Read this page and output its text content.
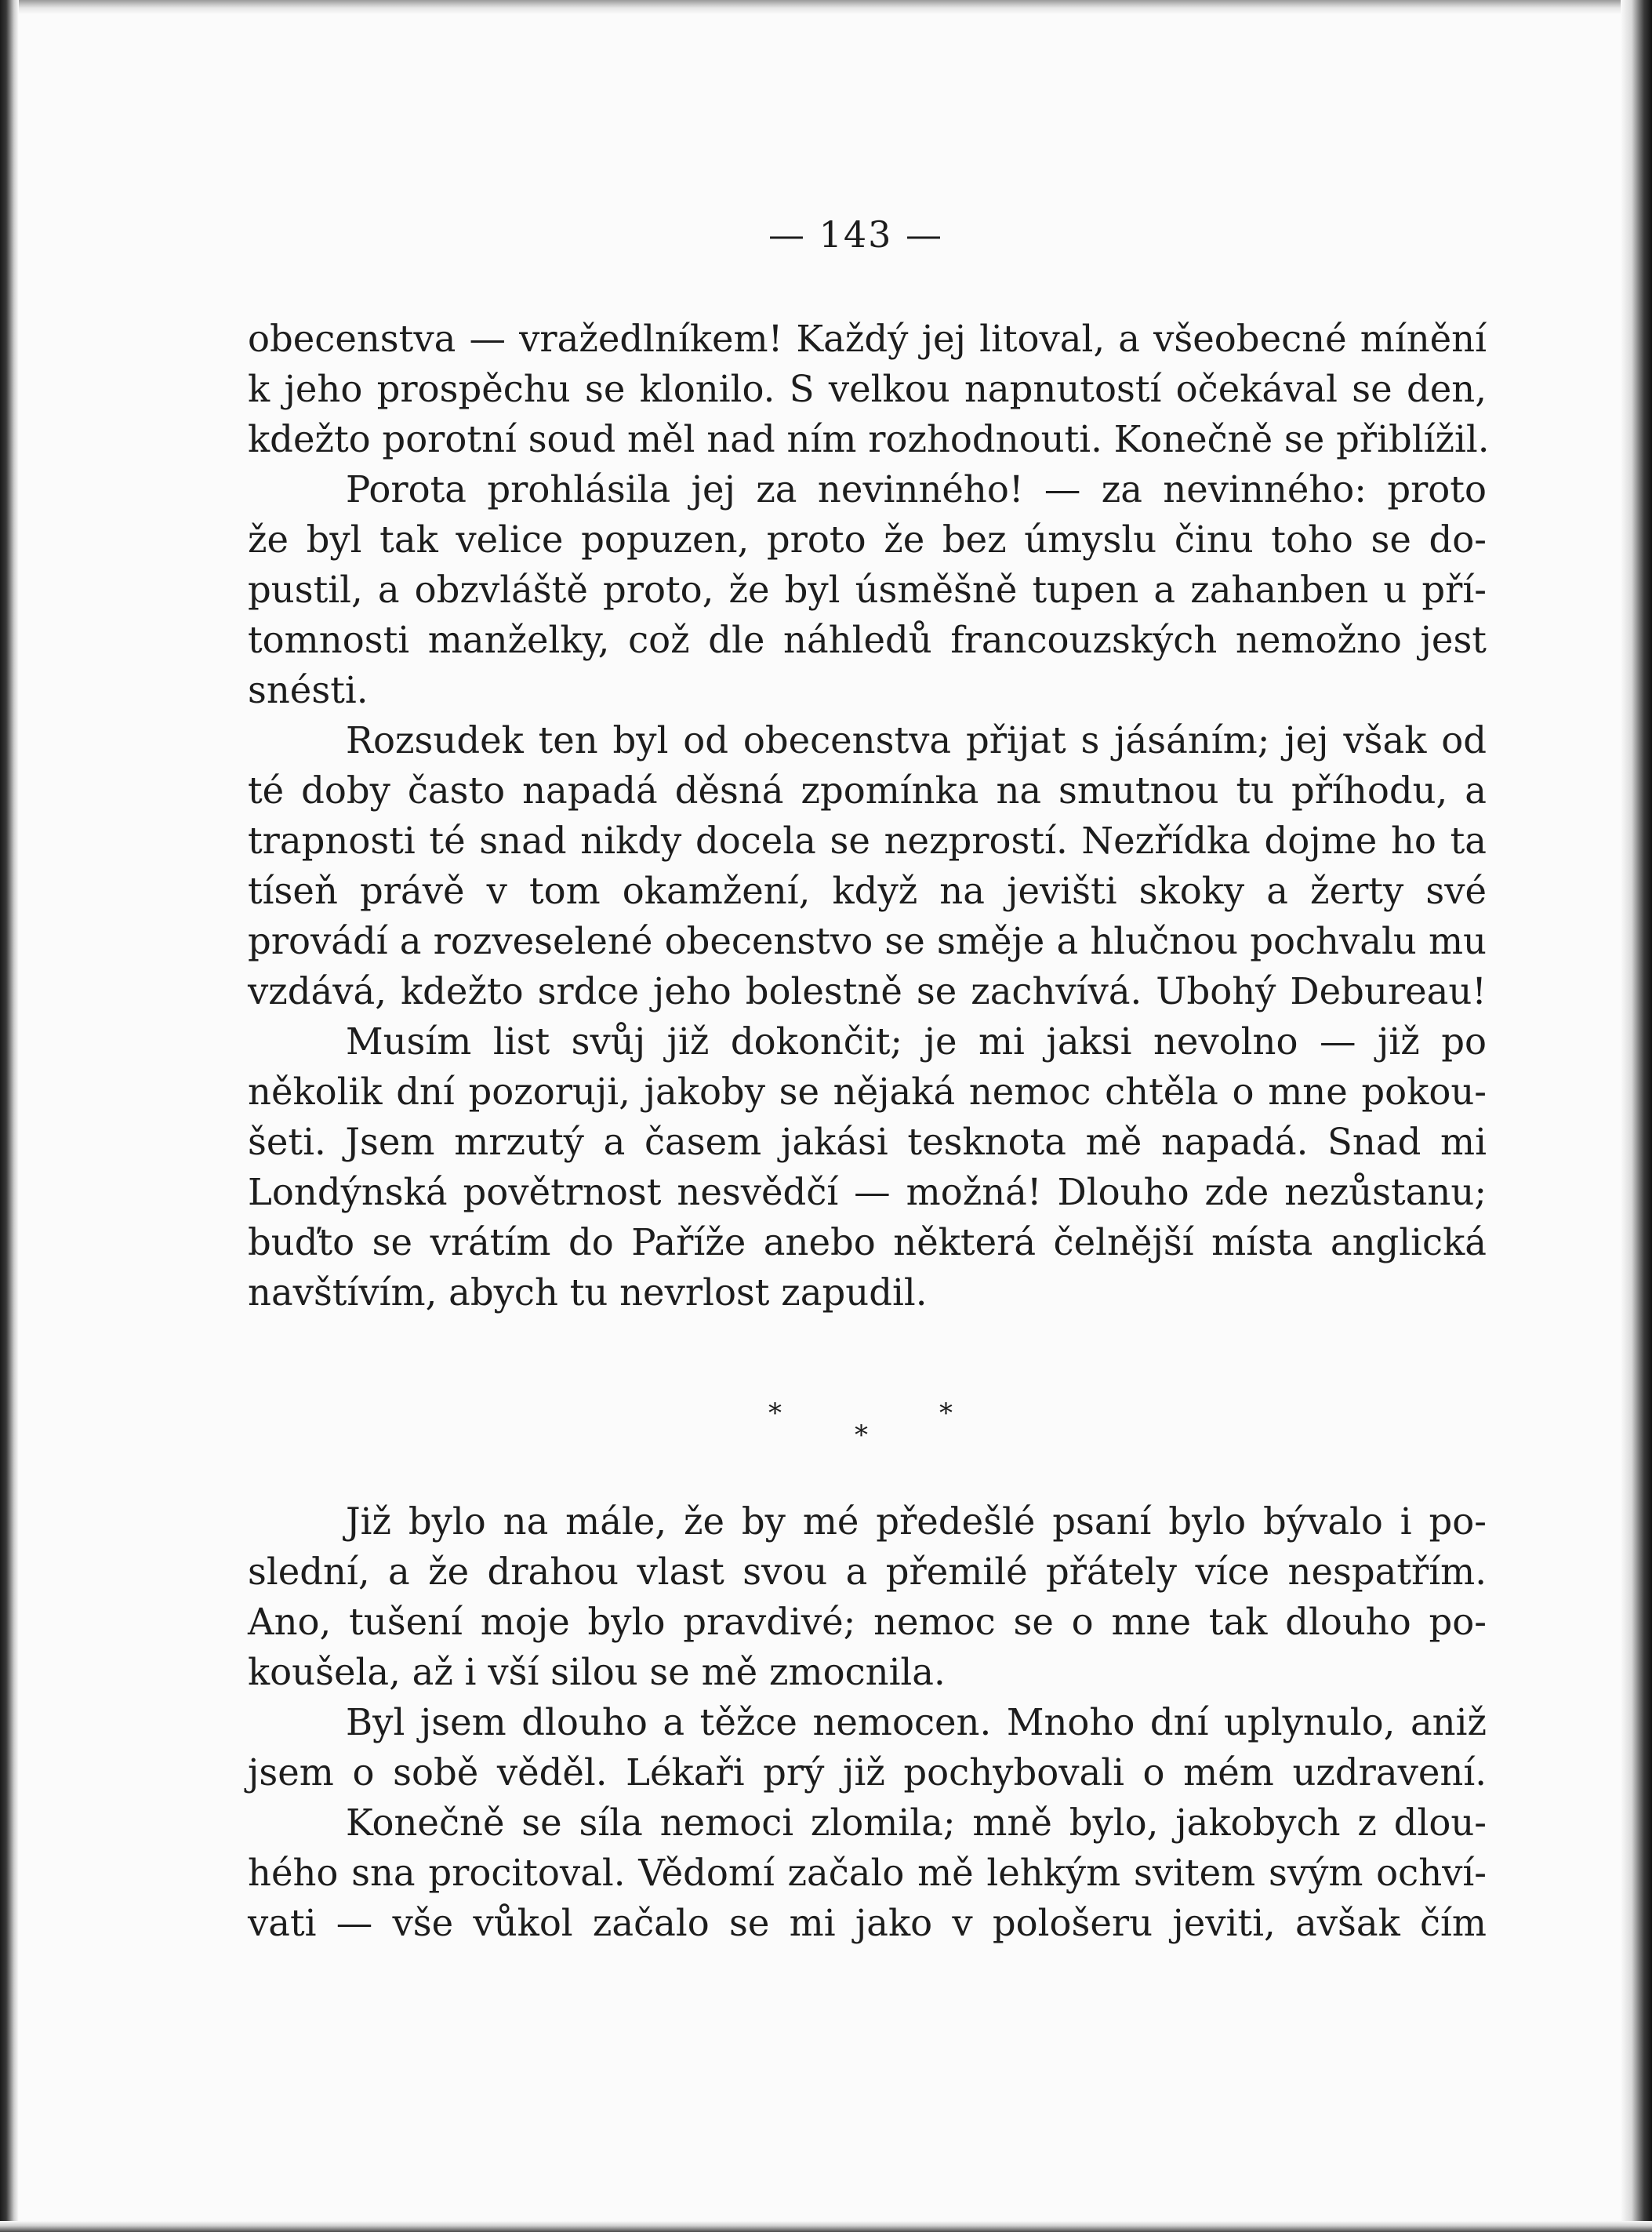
— 143 —
obecenstva — vražedlníkem! Každý jej litoval, a všeobecné mínění
k jeho prospěchu se klonilo. S velkou napnutostí očekával se den,
kdežto porotní soud měl nad ním rozhodnouti. Konečně se přiblížil.
Porota prohlásila jej za nevinného! — za nevinného: proto
že byl tak velice popuzen, proto že bez úmyslu činu toho se do-
pustil, a obzvláště proto, že byl úsměšně tupen a zahanben u pří-
tomnosti manželky, což dle náhledů francouzských nemožno jest
snésti.
Rozsudek ten byl od obecenstva přijat s jásáním; jej však od
té doby často napadá děsná zpomínka na smutnou tu příhodu, a
trapnosti té snad nikdy docela se nezprostí. Nezřídka dojme ho ta
tíseň právě v tom okamžení, když na jevišti skoky a žerty své
provádí a rozveselené obecenstvo se směje a hlučnou pochvalu mu
vzdává, kdežto srdce jeho bolestně se zachvívá. Ubohý Debureau!
Musím list svůj již dokončit; je mi jaksi nevolno — již po
několik dní pozoruji, jakoby se nějaká nemoc chtěla o mne pokou-
šeti. Jsem mrzutý a časem jakási tesknota mě napadá. Snad mi
Londýnská povětrnost nesvědčí — možná! Dlouho zde nezůstanu;
buďto se vrátím do Paříže anebo některá čelnější místa anglická
navštívím, abych tu nevrlost zapudil.
*
*
*
Již bylo na mále, že by mé předešlé psaní bylo bývalo i po-
slední, a že drahou vlast svou a přemilé přátely více nespatřím.
Ano, tušení moje bylo pravdivé; nemoc se o mne tak dlouho po-
koušela, až i vší silou se mě zmocnila.
Byl jsem dlouho a těžce nemocen. Mnoho dní uplynulo, aniž
jsem o sobě věděl. Lékaři prý již pochybovali o mém uzdravení.
Konečně se síla nemoci zlomila; mně bylo, jakobych z dlou-
hého sna procitoval. Vědomí začalo mě lehkým svitem svým ochví-
vati — vše vůkol začalo se mi jako v pološeru jeviti, avšak čím
